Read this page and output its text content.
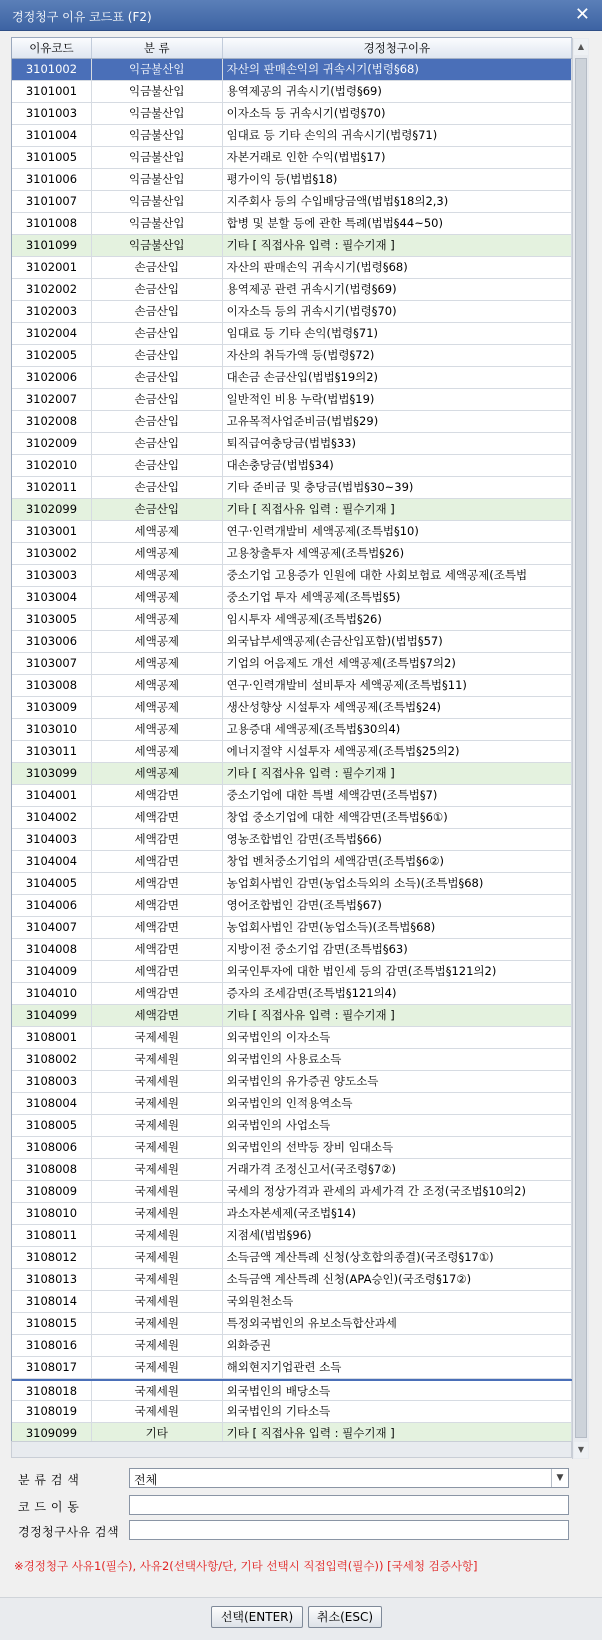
경정청구 이유 코드표 (F2)	✕
이유코드	분 류	경정청구이유
3101002	익금불산입	자산의 판매손익의 귀속시기(법령§68)
3101001	익금불산입	용역제공의 귀속시기(법령§69)
3101003	익금불산입	이자소득 등 귀속시기(법령§70)
3101004	익금불산입	임대료 등 기타 손익의 귀속시기(법령§71)
3101005	익금불산입	자본거래로 인한 수익(법법§17)
3101006	익금불산입	평가이익 등(법법§18)
3101007	익금불산입	지주회사 등의 수입배당금액(법법§18의2,3)
3101008	익금불산입	합병 및 분할 등에 관한 특례(법법§44~50)
3101099	익금불산입	기타 [ 직접사유 입력 : 필수기재 ]
3102001	손금산입	자산의 판매손익 귀속시기(법령§68)
3102002	손금산입	용역제공 관련 귀속시기(법령§69)
3102003	손금산입	이자소득 등의 귀속시기(법령§70)
3102004	손금산입	임대료 등 기타 손익(법령§71)
3102005	손금산입	자산의 취득가액 등(법령§72)
3102006	손금산입	대손금 손금산입(법법§19의2)
3102007	손금산입	일반적인 비용 누락(법법§19)
3102008	손금산입	고유목적사업준비금(법법§29)
3102009	손금산입	퇴직급여충당금(법법§33)
3102010	손금산입	대손충당금(법법§34)
3102011	손금산입	기타 준비금 및 충당금(법법§30~39)
3102099	손금산입	기타 [ 직접사유 입력 : 필수기재 ]
3103001	세액공제	연구·인력개발비 세액공제(조특법§10)
3103002	세액공제	고용창출투자 세액공제(조특법§26)
3103003	세액공제	중소기업 고용증가 인원에 대한 사회보험료 세액공제(조특법
3103004	세액공제	중소기업 투자 세액공제(조특법§5)
3103005	세액공제	임시투자 세액공제(조특법§26)
3103006	세액공제	외국납부세액공제(손금산입포함)(법법§57)
3103007	세액공제	기업의 어음제도 개선 세액공제(조특법§7의2)
3103008	세액공제	연구·인력개발비 설비투자 세액공제(조특법§11)
3103009	세액공제	생산성향상 시설투자 세액공제(조특법§24)
3103010	세액공제	고용증대 세액공제(조특법§30의4)
3103011	세액공제	에너지절약 시설투자 세액공제(조특법§25의2)
3103099	세액공제	기타 [ 직접사유 입력 : 필수기재 ]
3104001	세액감면	중소기업에 대한 특별 세액감면(조특법§7)
3104002	세액감면	창업 중소기업에 대한 세액감면(조특법§6①)
3104003	세액감면	영농조합법인 감면(조특법§66)
3104004	세액감면	창업 벤처중소기업의 세액감면(조특법§6②)
3104005	세액감면	농업회사법인 감면(농업소득외의 소득)(조특법§68)
3104006	세액감면	영어조합법인 감면(조특법§67)
3104007	세액감면	농업회사법인 감면(농업소득)(조특법§68)
3104008	세액감면	지방이전 중소기업 감면(조특법§63)
3104009	세액감면	외국인투자에 대한 법인세 등의 감면(조특법§121의2)
3104010	세액감면	증자의 조세감면(조특법§121의4)
3104099	세액감면	기타 [ 직접사유 입력 : 필수기재 ]
3108001	국제세원	외국법인의 이자소득
3108002	국제세원	외국법인의 사용료소득
3108003	국제세원	외국법인의 유가증권 양도소득
3108004	국제세원	외국법인의 인적용역소득
3108005	국제세원	외국법인의 사업소득
3108006	국제세원	외국법인의 선박등 장비 임대소득
3108008	국제세원	거래가격 조정신고서(국조령§7②)
3108009	국제세원	국세의 정상가격과 관세의 과세가격 간 조정(국조법§10의2)
3108010	국제세원	과소자본세제(국조법§14)
3108011	국제세원	지점세(법법§96)
3108012	국제세원	소득금액 계산특례 신청(상호합의종결)(국조령§17①)
3108013	국제세원	소득금액 계산특례 신청(APA승인)(국조령§17②)
3108014	국제세원	국외원천소득
3108015	국제세원	특정외국법인의 유보소득합산과세
3108016	국제세원	외화증권
3108017	국제세원	해외현지기업관련 소득
3108018	국제세원	외국법인의 배당소득
3108019	국제세원	외국법인의 기타소득
3109099	기타	기타 [ 직접사유 입력 : 필수기재 ]
▲
▼
분 류 검 색	전체	▼
코 드 이 동
경정청구사유 검색
※경정청구 사유1(필수), 사유2(선택사항/단, 기타 선택시 직접입력(필수)) [국세청 검증사항]
선택(ENTER)	취소(ESC)
